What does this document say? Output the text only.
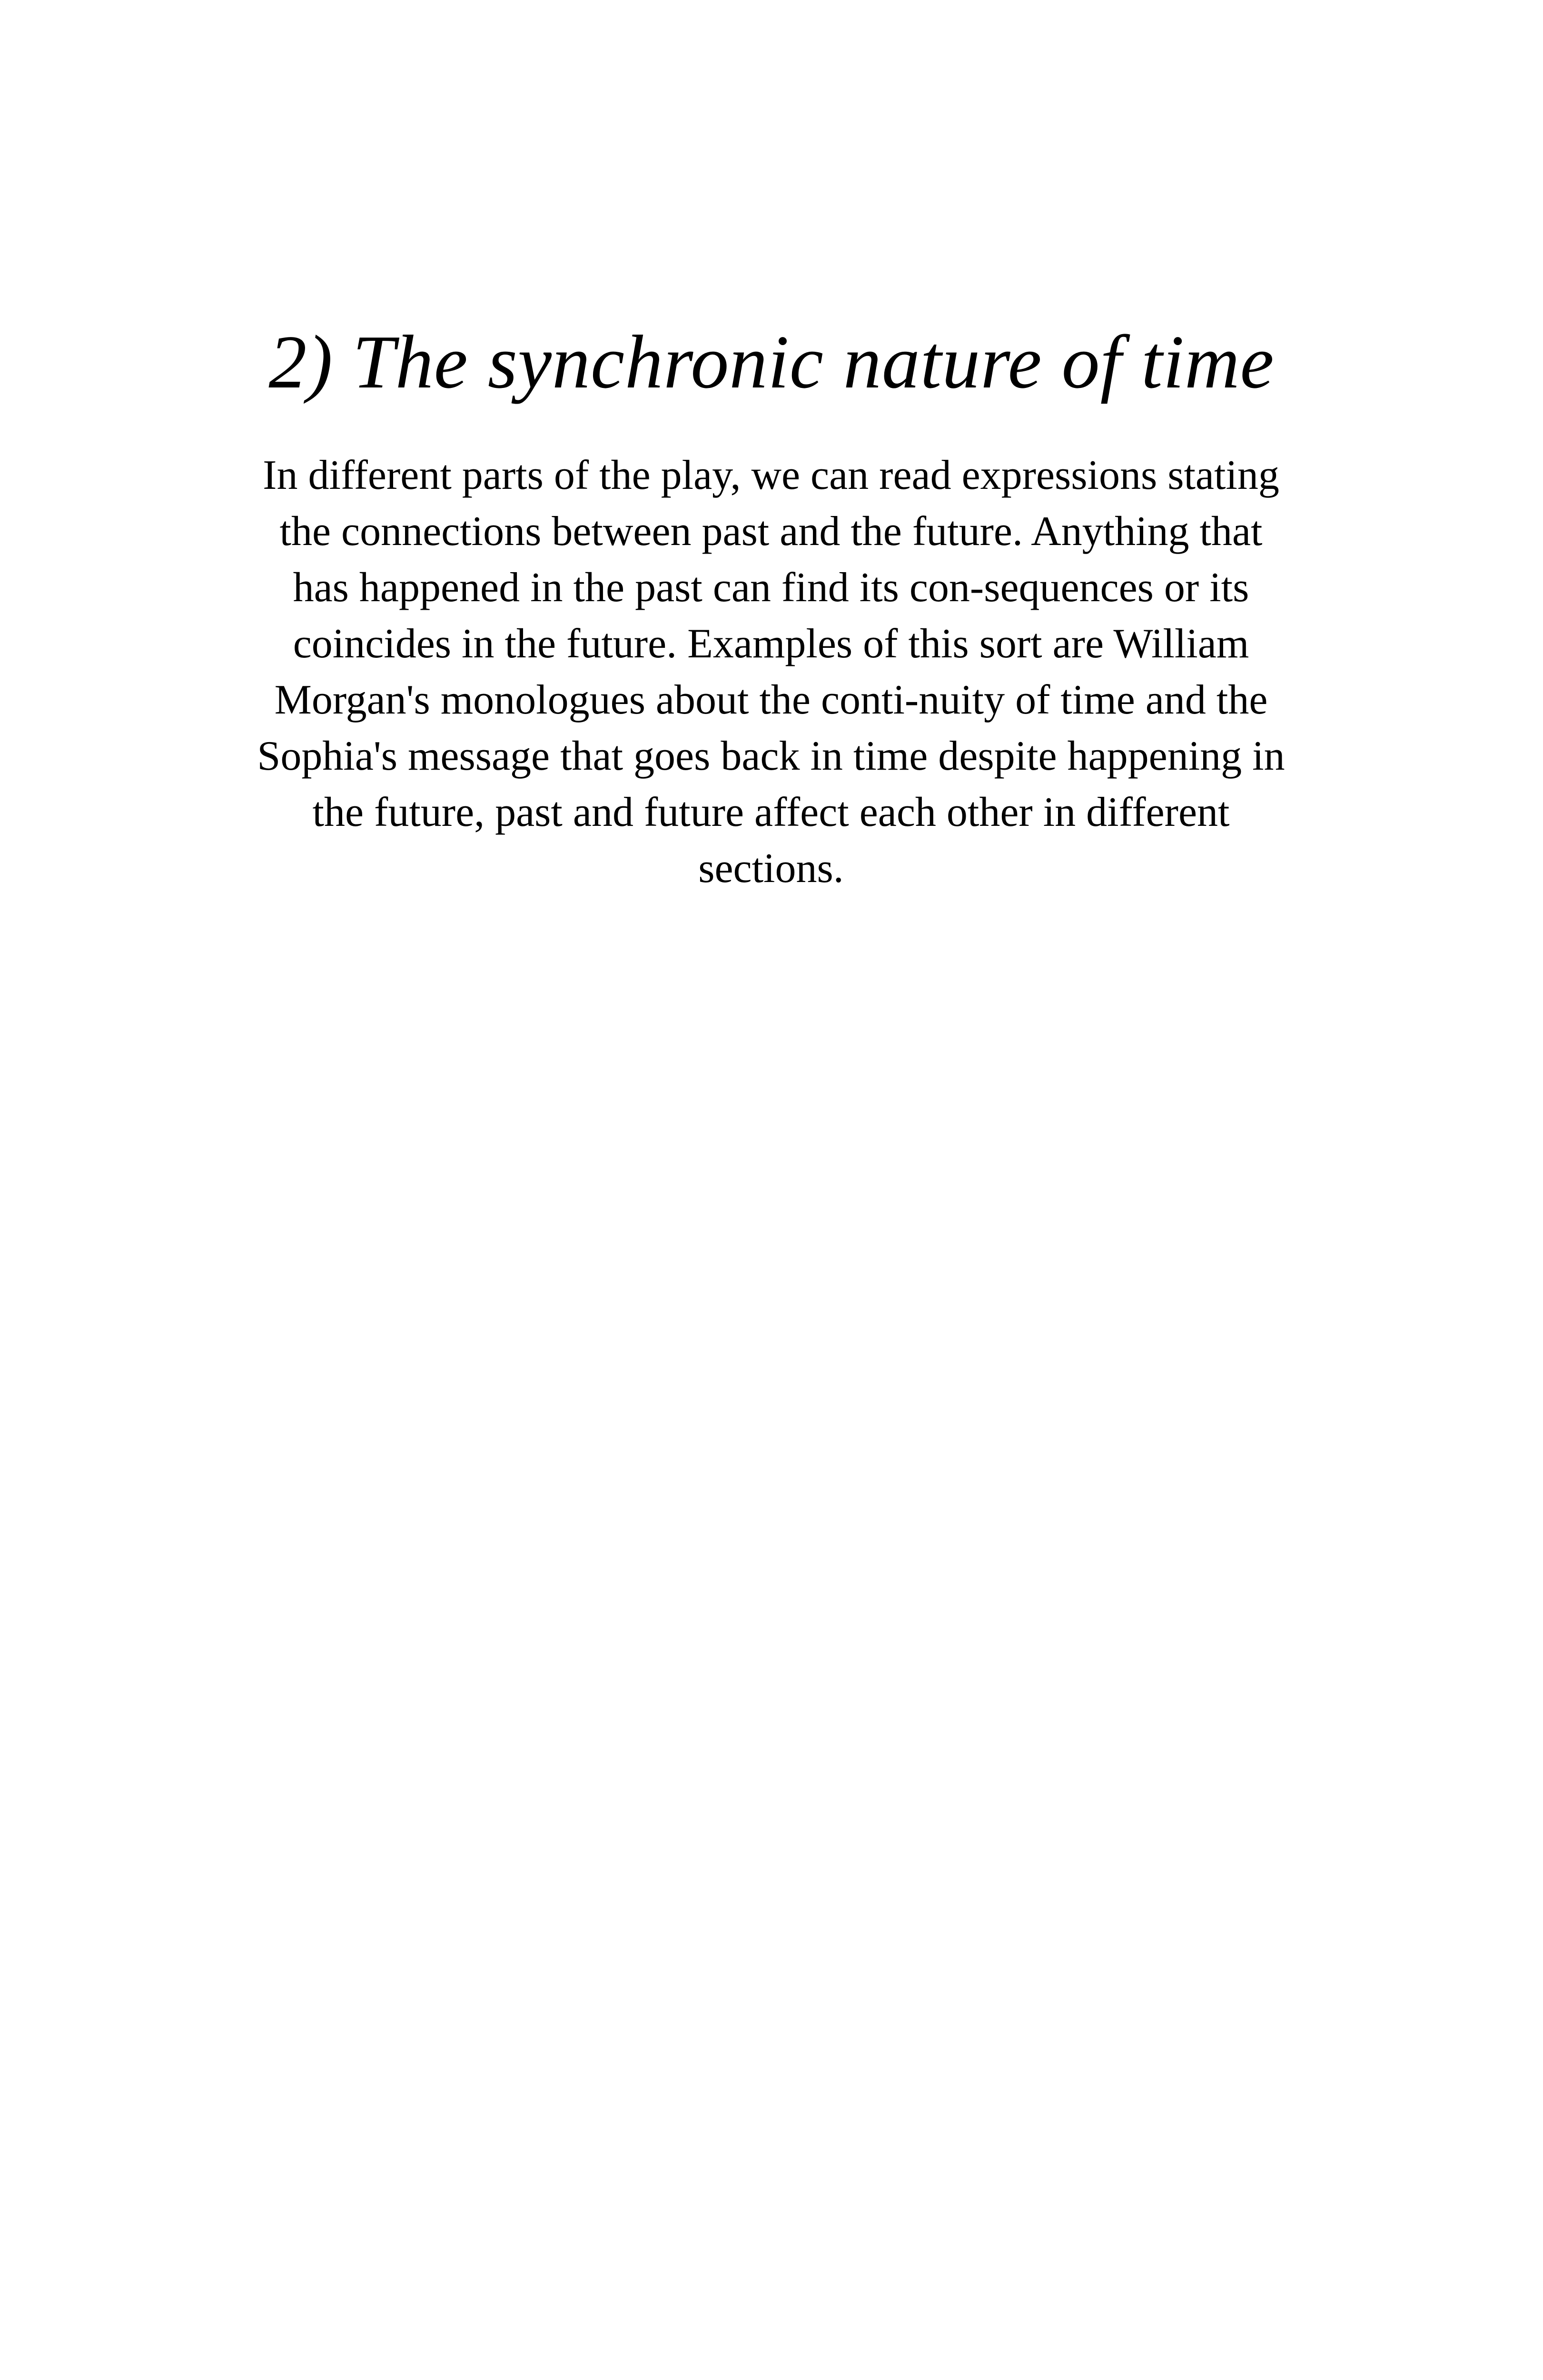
2) The synchronic nature of time

In different parts of the play, we can read expressions stating
the connections between past and the future. Anything that
has happened in the past can find its con-sequences or its
coincides in the future. Examples of this sort are William
Morgan's monologues about the conti-nuity of time and the
Sophia's message that goes back in time despite happening in
the future, past and future affect each other in different
sections.
